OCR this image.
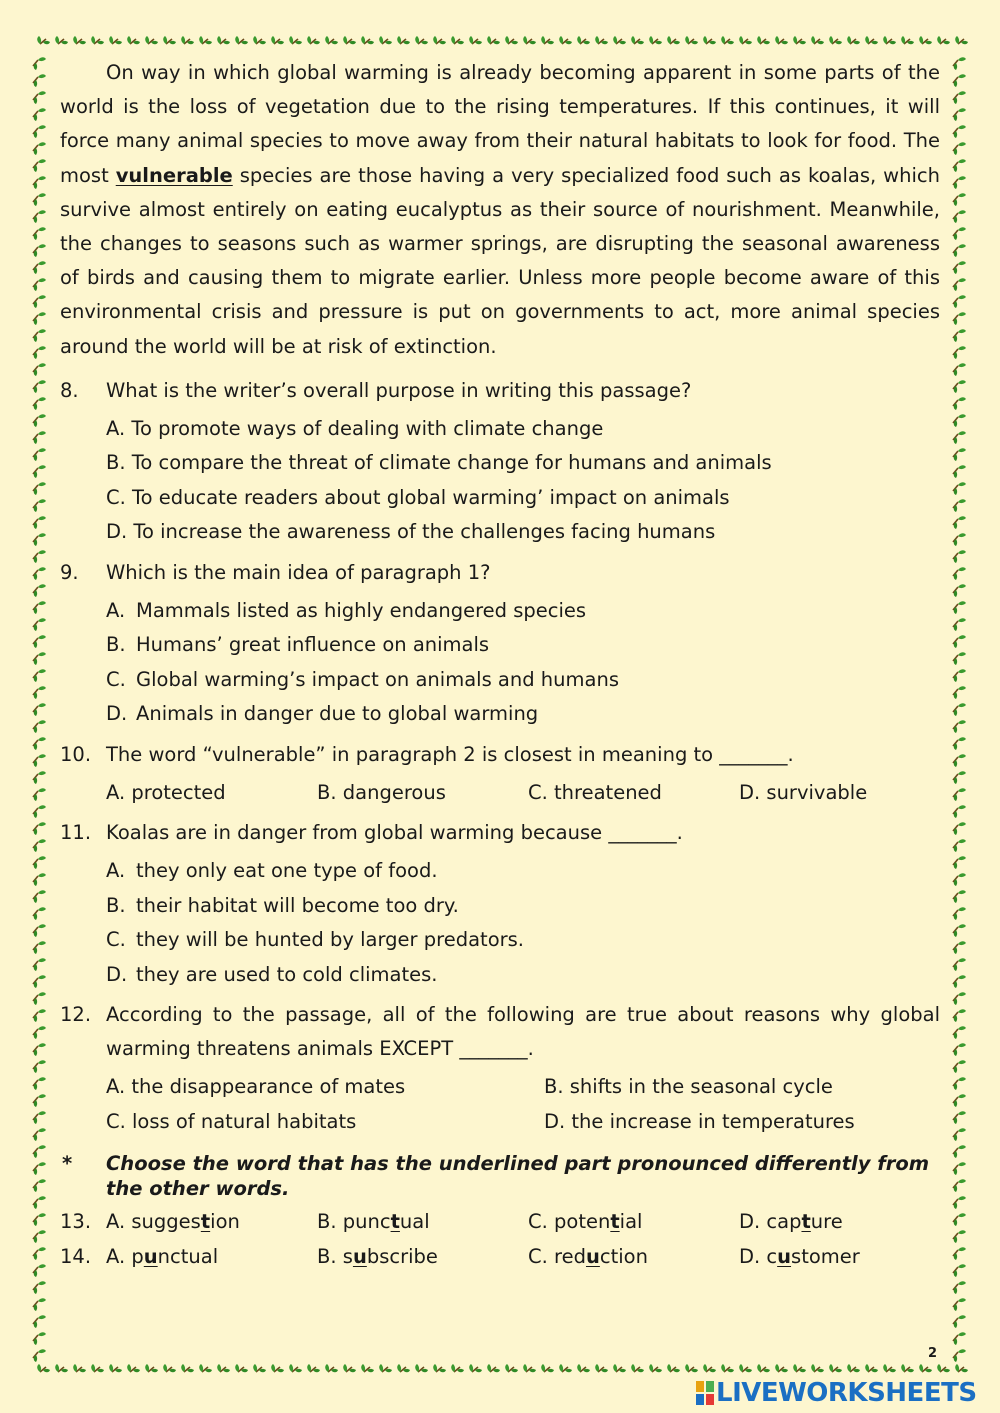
On way in which global warming is already becoming apparent in some parts of the world is the loss of vegetation due to the rising temperatures. If this continues, it will force many animal species to move away from their natural habitats to look for food. The most vulnerable species are those having a very specialized food such as koalas, which survive almost entirely on eating eucalyptus as their source of nourishment. Meanwhile, the changes to seasons such as warmer springs, are disrupting the seasonal awareness of birds and causing them to migrate earlier. Unless more people become aware of this environmental crisis and pressure is put on governments to act, more animal species around the world will be at risk of extinction.

8. What is the writer’s overall purpose in writing this passage?
A. To promote ways of dealing with climate change
B. To compare the threat of climate change for humans and animals
C. To educate readers about global warming’ impact on animals
D. To increase the awareness of the challenges facing humans
9. Which is the main idea of paragraph 1?
A. Mammals listed as highly endangered species
B. Humans’ great influence on animals
C. Global warming’s impact on animals and humans
D. Animals in danger due to global warming
10. The word “vulnerable” in paragraph 2 is closest in meaning to _______.
A. protected	B. dangerous	C. threatened	D. survivable
11. Koalas are in danger from global warming because _______.
A. they only eat one type of food.
B. their habitat will become too dry.
C. they will be hunted by larger predators.
D. they are used to cold climates.
12. According to the passage, all of the following are true about reasons why global warming threatens animals EXCEPT _______.
A. the disappearance of mates	B. shifts in the seasonal cycle
C. loss of natural habitats	D. the increase in temperatures
* Choose the word that has the underlined part pronounced differently from the other words.
13. A. suggestion	B. punctual	C. potential	D. capture
14. A. punctual	B. subscribe	C. reduction	D. customer
2
LIVEWORKSHEETS
